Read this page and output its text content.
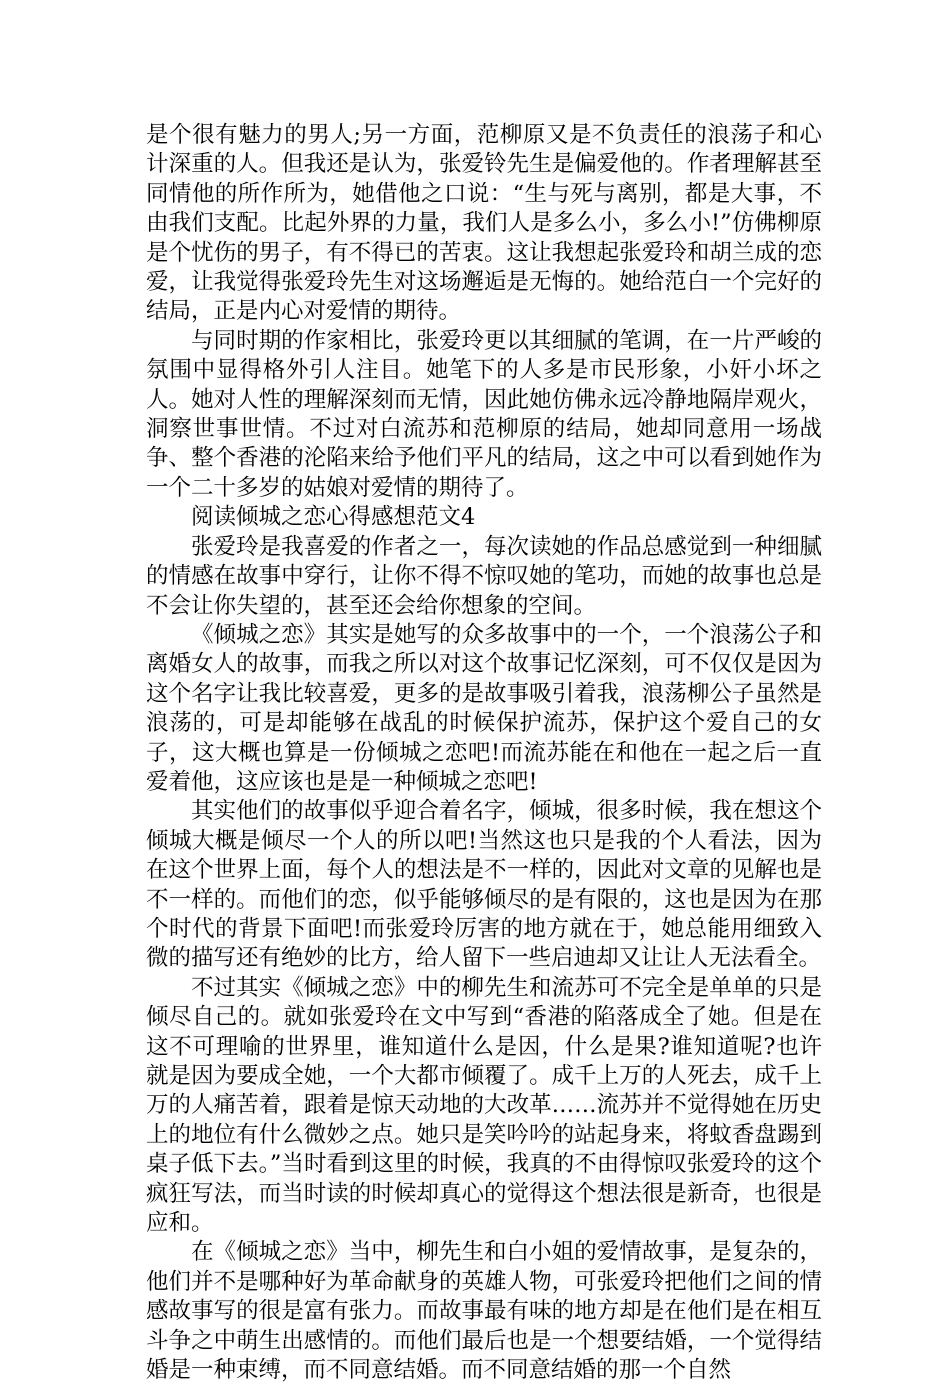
是个很有魅力的男人;另一方面，范柳原又是不负责任的浪荡子和心计深重的人。但我还是认为，张爱铃先生是偏爱他的。作者理解甚至同情他的所作所为，她借他之口说：“生与死与离别，都是大事，不由我们支配。比起外界的力量，我们人是多么小，多么小!”仿佛柳原是个忧伤的男子，有不得已的苦衷。这让我想起张爱玲和胡兰成的恋爱，让我觉得张爱玲先生对这场邂逅是无悔的。她给范白一个完好的结局，正是内心对爱情的期待。

与同时期的作家相比，张爱玲更以其细腻的笔调，在一片严峻的氛围中显得格外引人注目。她笔下的人多是市民形象，小奸小坏之人。她对人性的理解深刻而无情，因此她仿佛永远冷静地隔岸观火，洞察世事世情。不过对白流苏和范柳原的结局，她却同意用一场战争、整个香港的沦陷来给予他们平凡的结局，这之中可以看到她作为一个二十多岁的姑娘对爱情的期待了。

阅读倾城之恋心得感想范文4

张爱玲是我喜爱的作者之一，每次读她的作品总感觉到一种细腻的情感在故事中穿行，让你不得不惊叹她的笔功，而她的故事也总是不会让你失望的，甚至还会给你想象的空间。

《倾城之恋》其实是她写的众多故事中的一个，一个浪荡公子和离婚女人的故事，而我之所以对这个故事记忆深刻，可不仅仅是因为这个名字让我比较喜爱，更多的是故事吸引着我，浪荡柳公子虽然是浪荡的，可是却能够在战乱的时候保护流苏，保护这个爱自己的女子，这大概也算是一份倾城之恋吧!而流苏能在和他在一起之后一直爱着他，这应该也是是一种倾城之恋吧!

其实他们的故事似乎迎合着名字，倾城，很多时候，我在想这个倾城大概是倾尽一个人的所以吧!当然这也只是我的个人看法，因为在这个世界上面，每个人的想法是不一样的，因此对文章的见解也是不一样的。而他们的恋，似乎能够倾尽的是有限的，这也是因为在那个时代的背景下面吧!而张爱玲厉害的地方就在于，她总能用细致入微的描写还有绝妙的比方，给人留下一些启迪却又让让人无法看全。

不过其实《倾城之恋》中的柳先生和流苏可不完全是单单的只是倾尽自己的。就如张爱玲在文中写到“香港的陷落成全了她。但是在这不可理喻的世界里，谁知道什么是因，什么是果?谁知道呢?也许就是因为要成全她，一个大都市倾覆了。成千上万的人死去，成千上万的人痛苦着，跟着是惊天动地的大改革……流苏并不觉得她在历史上的地位有什么微妙之点。她只是笑吟吟的站起身来，将蚊香盘踢到桌子低下去。”当时看到这里的时候，我真的不由得惊叹张爱玲的这个疯狂写法，而当时读的时候却真心的觉得这个想法很是新奇，也很是应和。

在《倾城之恋》当中，柳先生和白小姐的爱情故事，是复杂的，他们并不是哪种好为革命献身的英雄人物，可张爱玲把他们之间的情感故事写的很是富有张力。而故事最有味的地方却是在他们是在相互斗争之中萌生出感情的。而他们最后也是一个想要结婚，一个觉得结婚是一种束缚，而不同意结婚。而不同意结婚的那一个自然
